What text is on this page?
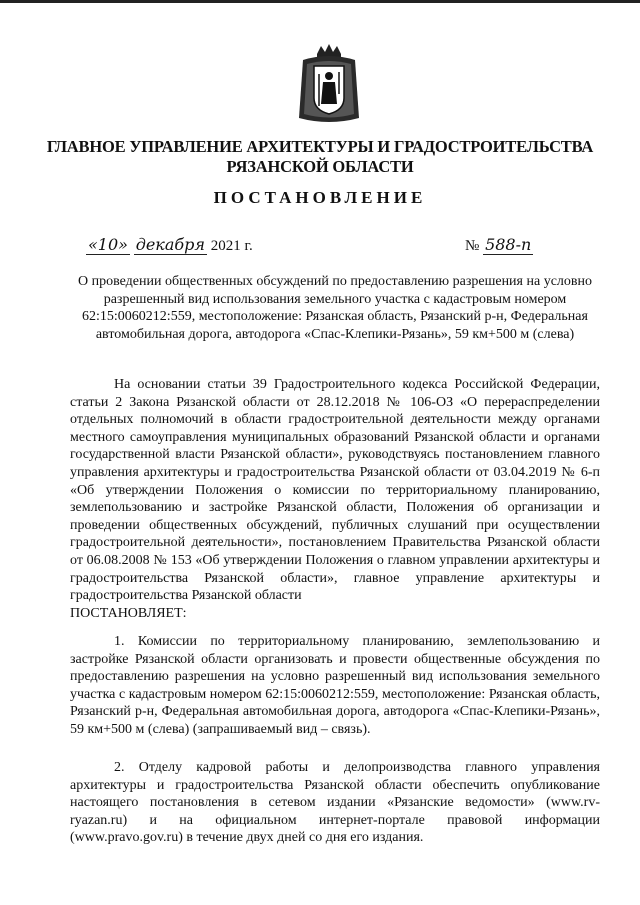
ГЛАВНОЕ УПРАВЛЕНИЕ АРХИТЕКТУРЫ И ГРАДОСТРОИТЕЛЬСТВА
РЯЗАНСКОЙ ОБЛАСТИ
ПОСТАНОВЛЕНИЕ
«10» декабря 2021 г.	№ 588-п
О проведении общественных обсуждений по предоставлению разрешения на условно разрешенный вид использования земельного участка с кадастровым номером 62:15:0060212:559, местоположение: Рязанская область, Рязанский р-н, Федеральная автомобильная дорога, автодорога «Спас-Клепики-Рязань», 59 км+500 м (слева)

На основании статьи 39 Градостроительного кодекса Российской Федерации, статьи 2 Закона Рязанской области от 28.12.2018 № 106-ОЗ «О перераспределении отдельных полномочий в области градостроительной деятельности между органами местного самоуправления муниципальных образований Рязанской области и органами государственной власти Рязанской области», руководствуясь постановлением главного управления архитектуры и градостроительства Рязанской области от 03.04.2019 № 6-п «Об утверждении Положения о комиссии по территориальному планированию, землепользованию и застройке Рязанской области, Положения об организации и проведении общественных обсуждений, публичных слушаний при осуществлении градостроительной деятельности», постановлением Правительства Рязанской области от 06.08.2008 № 153 «Об утверждении Положения о главном управлении архитектуры и градостроительства Рязанской области», главное управление архитектуры и градостроительства Рязанской области

ПОСТАНОВЛЯЕТ:

1. Комиссии по территориальному планированию, землепользованию и застройке Рязанской области организовать и провести общественные обсуждения по предоставлению разрешения на условно разрешенный вид использования земельного участка с кадастровым номером 62:15:0060212:559, местоположение: Рязанская область, Рязанский р-н, Федеральная автомобильная дорога, автодорога «Спас-Клепики-Рязань», 59 км+500 м (слева) (запрашиваемый вид – связь).

2. Отделу кадровой работы и делопроизводства главного управления архитектуры и градостроительства Рязанской области обеспечить опубликование настоящего постановления в сетевом издании «Рязанские ведомости» (www.rv-ryazan.ru) и на официальном интернет-портале правовой информации (www.pravo.gov.ru) в течение двух дней со дня его издания.
